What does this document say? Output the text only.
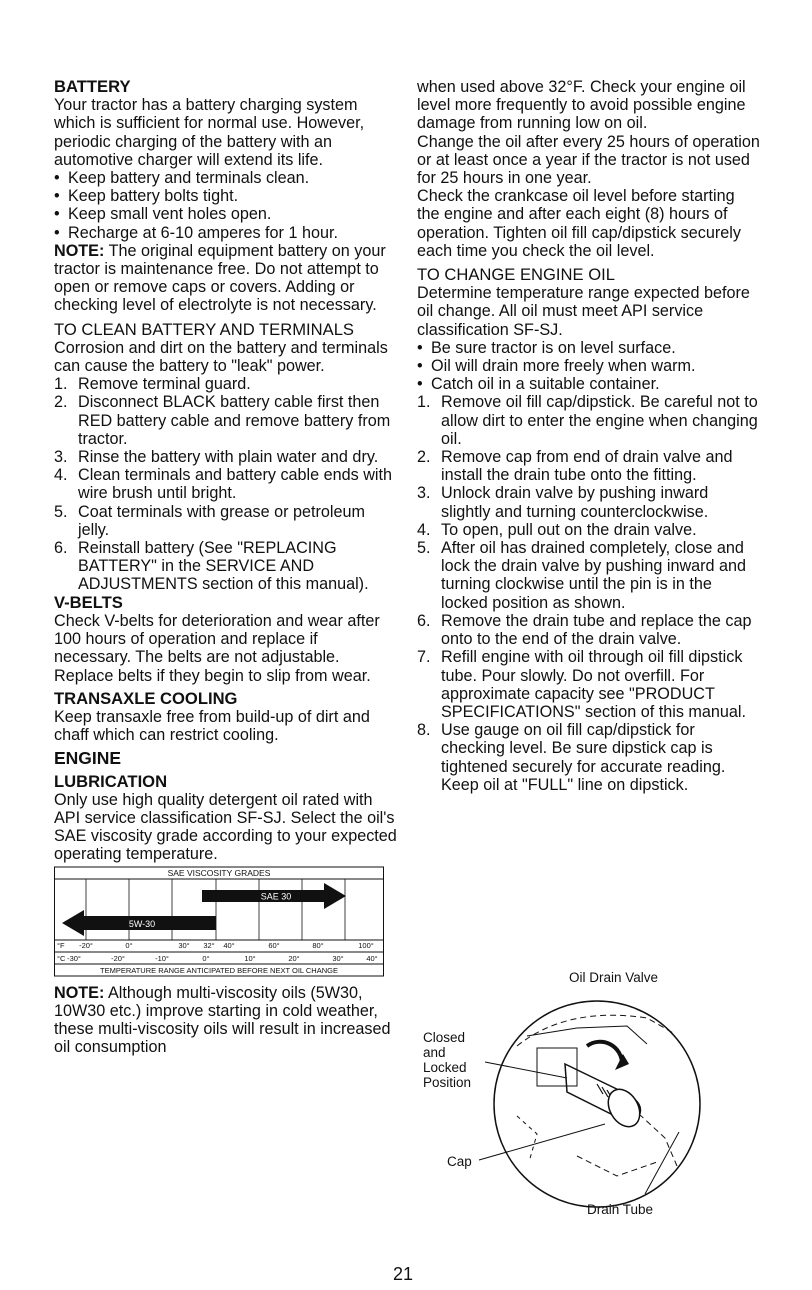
BATTERY

Your tractor has a battery charging system which is sufficient for normal use. However, periodic charging of the battery with an automotive charger will extend its life.

• Keep battery and terminals clean.
• Keep battery bolts tight.
• Keep small vent holes open.
• Recharge at 6-10 amperes for 1 hour.

NOTE: The original equipment battery on your tractor is maintenance free. Do not attempt to open or remove caps or covers. Adding or checking level of electrolyte is not necessary.

TO CLEAN BATTERY AND TERMINALS

Corrosion and dirt on the battery and terminals can cause the battery to "leak" power.

1. Remove terminal guard.
2. Disconnect BLACK battery cable first then RED battery cable and remove battery from tractor.
3. Rinse the battery with plain water and dry.
4. Clean terminals and battery cable ends with wire brush until bright.
5. Coat terminals with grease or petroleum jelly.
6. Reinstall battery (See "REPLACING BATTERY" in the SERVICE AND ADJUSTMENTS section of this manual).

V-BELTS

Check V-belts for deterioration and wear after 100 hours of operation and replace if necessary. The belts are not adjustable. Replace belts if they begin to slip from wear.

TRANSAXLE COOLING

Keep transaxle free from build-up of dirt and chaff which can restrict cooling.

ENGINE

LUBRICATION

Only use high quality detergent oil rated with API service classification SF-SJ. Select the oil's SAE viscosity grade according to your expected operating temperature.

SAE VISCOSITY GRADES
5W-30
SAE 30
°F -20°	0°	30° 32° 40°	60°	80°	100°
°C -30°	-20°	-10°	0°	10°	20°	30°	40°
TEMPERATURE RANGE ANTICIPATED BEFORE NEXT OIL CHANGE

NOTE: Although multi-viscosity oils (5W30, 10W30 etc.) improve starting in cold weather, these multi-viscosity oils will result in increased oil consumption

when used above 32°F. Check your engine oil level more frequently to avoid possible engine damage from running low on oil.

Change the oil after every 25 hours of operation or at least once a year if the tractor is not used for 25 hours in one year.

Check the crankcase oil level before starting the engine and after each eight (8) hours of operation. Tighten oil fill cap/dipstick securely each time you check the oil level.

TO CHANGE ENGINE OIL

Determine temperature range expected before oil change. All oil must meet API service classification SF-SJ.

• Be sure tractor is on level surface.
• Oil will drain more freely when warm.
• Catch oil in a suitable container.
1. Remove oil fill cap/dipstick. Be careful not to allow dirt to enter the engine when changing oil.
2. Remove cap from end of drain valve and install the drain tube onto the fitting.
3. Unlock drain valve by pushing inward slightly and turning counterclockwise.
4. To open, pull out on the drain valve.
5. After oil has drained completely, close and lock the drain valve by pushing inward and turning clockwise until the pin is in the locked position as shown.
6. Remove the drain tube and replace the cap onto to the end of the drain valve.
7. Refill engine with oil through oil fill dipstick tube. Pour slowly. Do not overfill. For approximate capacity see "PRODUCT SPECIFICATIONS" section of this manual.
8. Use gauge on oil fill cap/dipstick for checking level. Be sure dipstick cap is tightened securely for accurate reading. Keep oil at "FULL" line on dipstick.
Oil Drain Valve
Closed
and
Locked
Position
Cap
Drain Tube
21
